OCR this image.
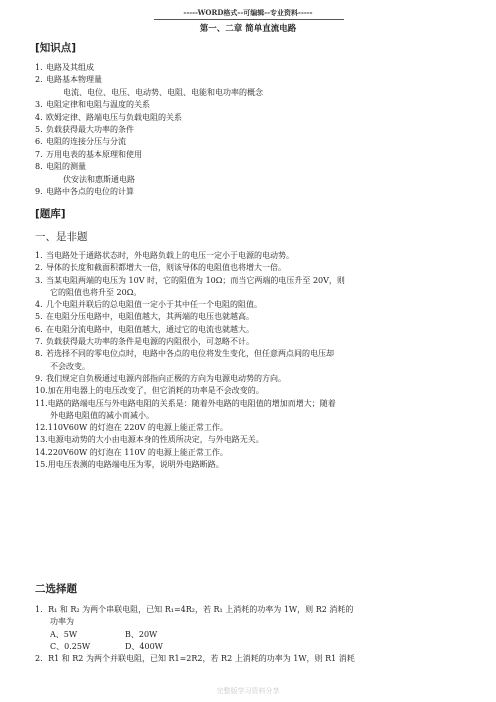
-----WORD格式--可编辑--专业资料-----
第一、二章 简单直流电路
[知识点]
1. 电路及其组成
2. 电路基本物理量
电流、电位、电压、电动势、电阻、电能和电功率的概念
3. 电阻定律和电阻与温度的关系
4. 欧姆定律、路端电压与负载电阻的关系
5. 负载获得最大功率的条件
6. 电阻的连接分压与分流
7. 万用电表的基本原理和使用
8. 电阻的测量
伏安法和惠斯通电路
9. 电路中各点的电位的计算
[题库]
一、是非题
1. 当电路处于通路状态时，外电路负载上的电压一定小于电源的电动势。
2. 导体的长度和截面积都增大一倍，则该导体的电阻值也将增大一倍。
3. 当某电阻两端的电压为 10V 时，它的阻值为 10Ω；而当它两端的电压升至 20V，则
它的阻值也将升至 20Ω。
4. 几个电阻并联后的总电阻值一定小于其中任一个电阻的阻值。
5. 在电阻分压电路中，电阻值越大，其两端的电压也就越高。
6. 在电阻分流电路中，电阻值越大，通过它的电流也就越大。
7. 负载获得最大功率的条件是电源的内阻很小，可忽略不计。
8. 若选择不同的零电位点时，电路中各点的电位将发生变化，但任意两点间的电压却
不会改变。
9. 我们规定自负极通过电源内部指向正极的方向为电源电动势的方向。
10.加在用电器上的电压改变了，但它消耗的功率是不会改变的。
11.电路的路端电压与外电路电阻的关系是：随着外电路的电阻值的增加而增大；随着
外电路电阻值的减小而减小。
12.110V60W 的灯泡在 220V 的电源上能正常工作。
13.电源电动势的大小由电源本身的性质所决定，与外电路无关。
14.220V60W 的灯泡在 110V 的电源上能正常工作。
15.用电压表测的电路端电压为零，说明外电路断路。
二选择题
1．R₁ 和 R₂ 为两个串联电阻，已知 R₁=4R₂，若 R₁ 上消耗的功率为 1W，则 R2 消耗的
功率为
A、5W	B、20W
C、0.25W	D、400W
2．R1 和 R2 为两个并联电阻，已知 R1=2R2，若 R2 上消耗的功率为 1W，则 R1 消耗
完整版学习资料分享
